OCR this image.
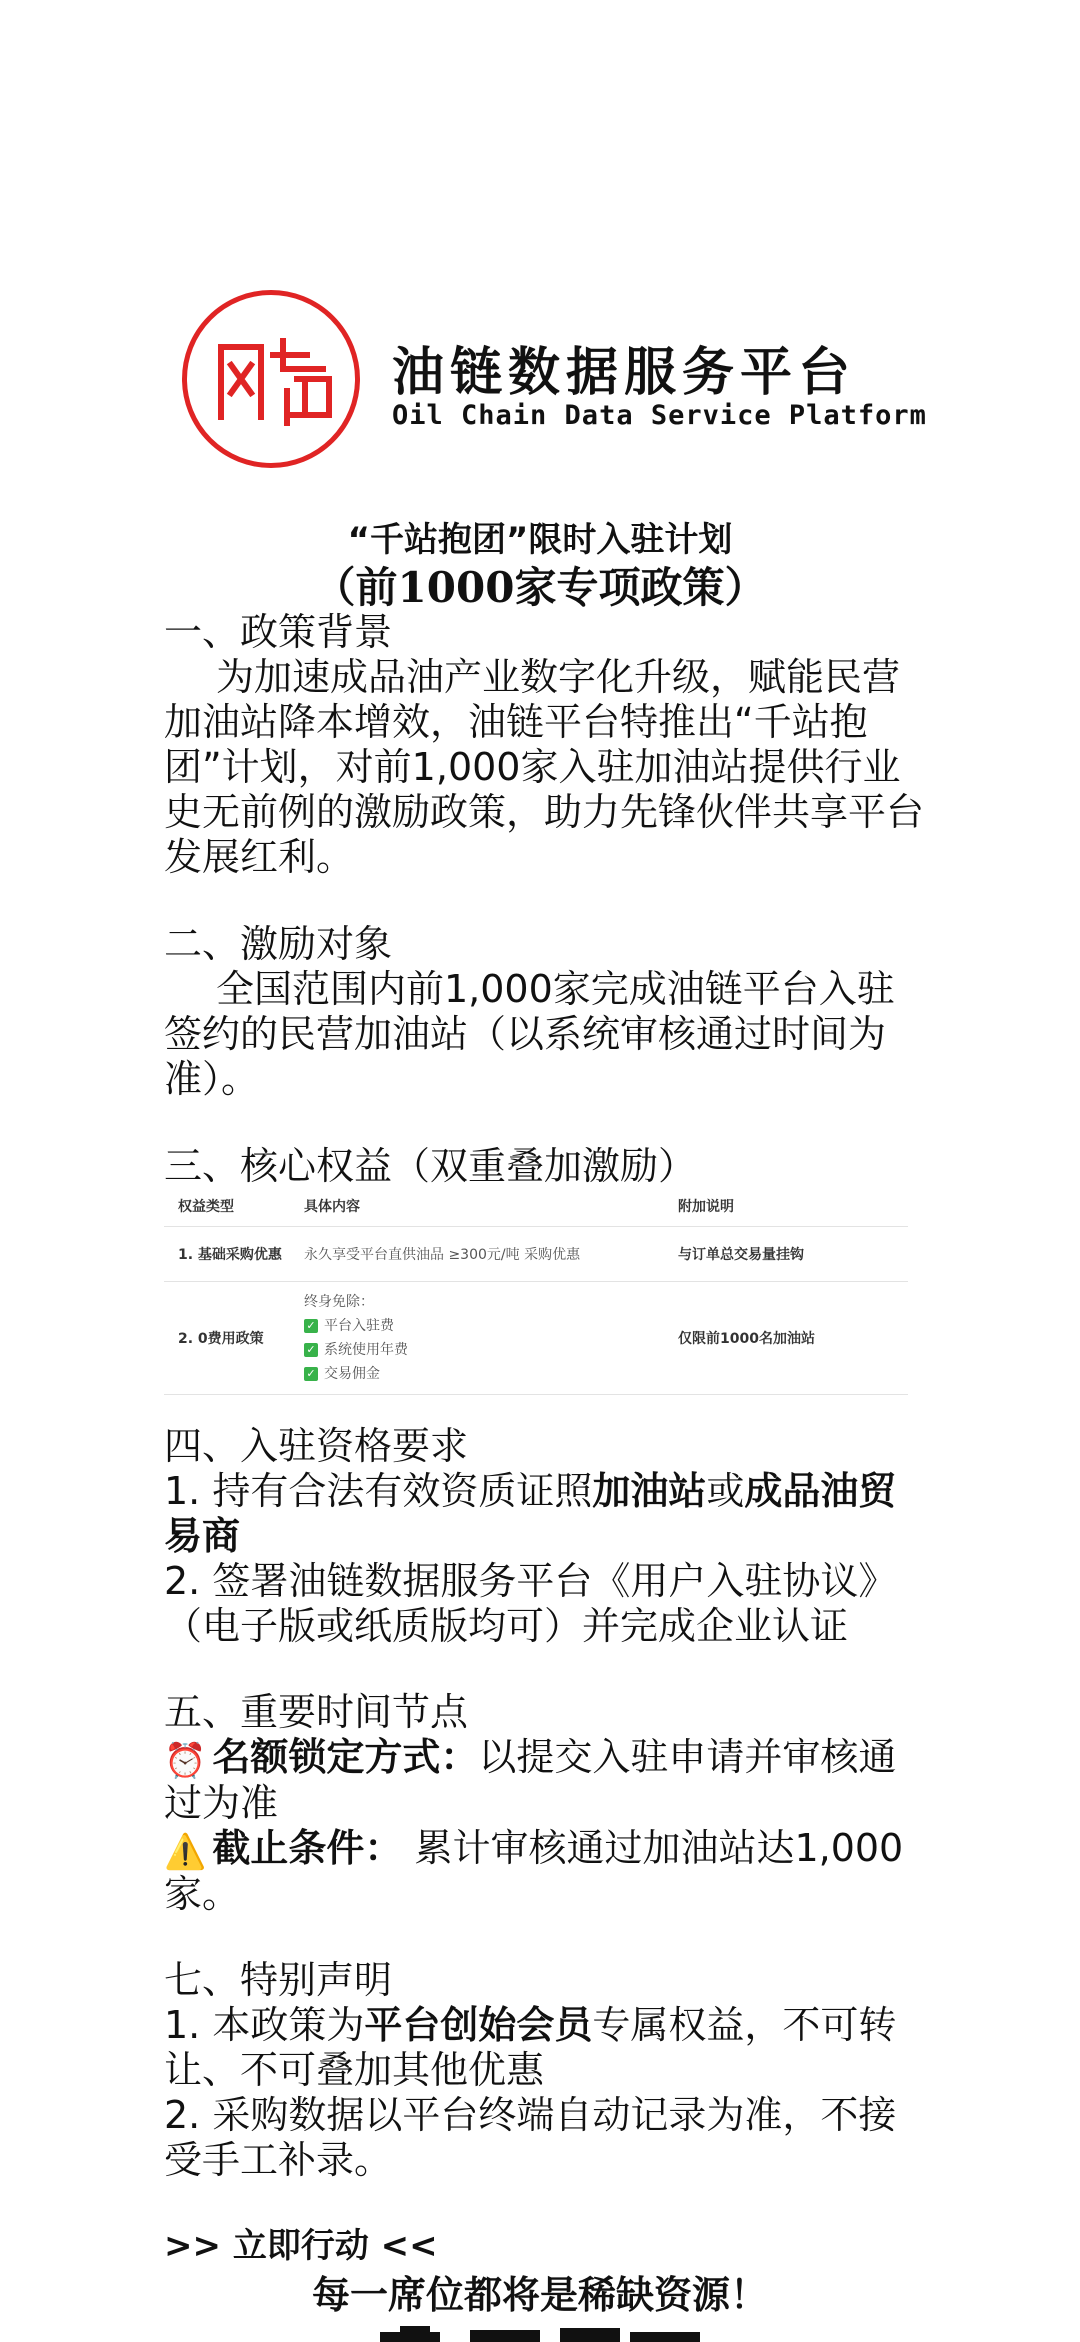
油链数据服务平台
Oil Chain Data Service Platform
“千站抱团”限时入驻计划
（前1000家专项政策）

一、政策背景

为加速成品油产业数字化升级，赋能民营加油站降本增效，油链平台特推出“千站抱团”计划，对前1,000家入驻加油站提供行业史无前例的激励政策，助力先锋伙伴共享平台发展红利。

二、激励对象

全国范围内前1,000家完成油链平台入驻签约的民营加油站（以系统审核通过时间为准）。

三、核心权益（双重叠加激励）

权益类型	具体内容	附加说明
1. 基础采购优惠	永久享受平台直供油品 ≥300元/吨 采购优惠	与订单总交易量挂钩
2. 0费用政策	终身免除：
✓ 平台入驻费
✓ 系统使用年费
✓ 交易佣金	仅限前1000名加油站

四、入驻资格要求

1. 持有合法有效资质证照加油站或成品油贸易商

2. 签署油链数据服务平台《用户入驻协议》（电子版或纸质版均可）并完成企业认证

五、重要时间节点

⏰ 名额锁定方式：以提交入驻申请并审核通过为准

⚠️ 截止条件： 累计审核通过加油站达1,000家。

七、特别声明

1. 本政策为平台创始会员专属权益，不可转让、不可叠加其他优惠

2. 采购数据以平台终端自动记录为准，不接受手工补录。

>> 立即行动 <<
每一席位都将是稀缺资源！
